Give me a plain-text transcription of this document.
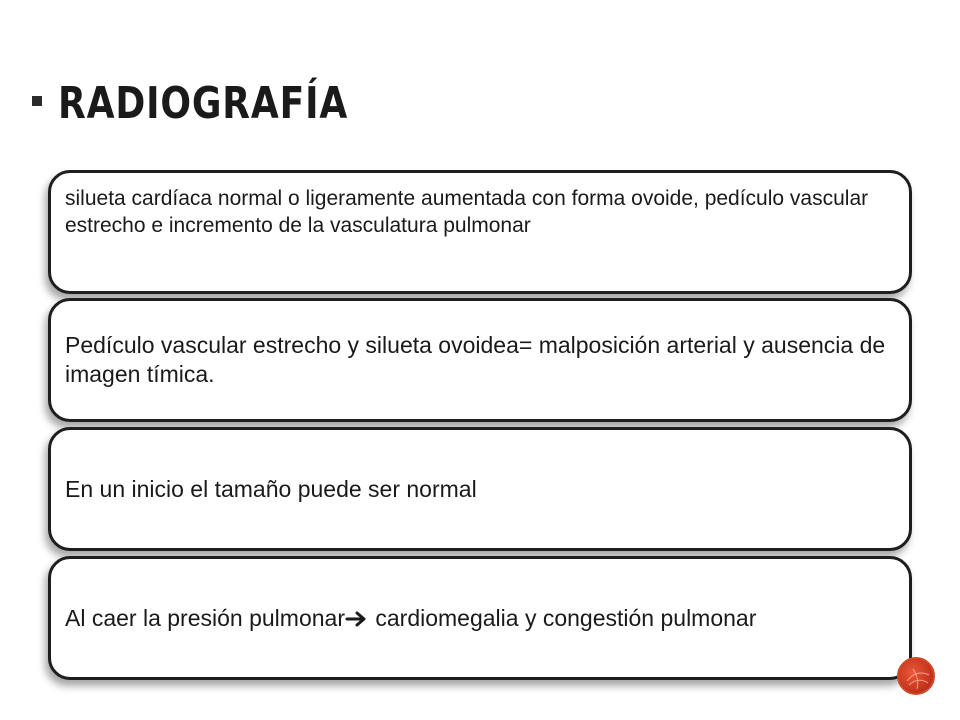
RADIOGRAFÍA
silueta cardíaca normal o ligeramente aumentada con forma ovoide, pedículo vascular estrecho e incremento de la vasculatura pulmonar
Pedículo vascular estrecho y silueta ovoidea= malposición arterial y ausencia de imagen tímica.
En un inicio el tamaño puede ser normal
Al caer la presión pulmonar cardiomegalia y congestión pulmonar
